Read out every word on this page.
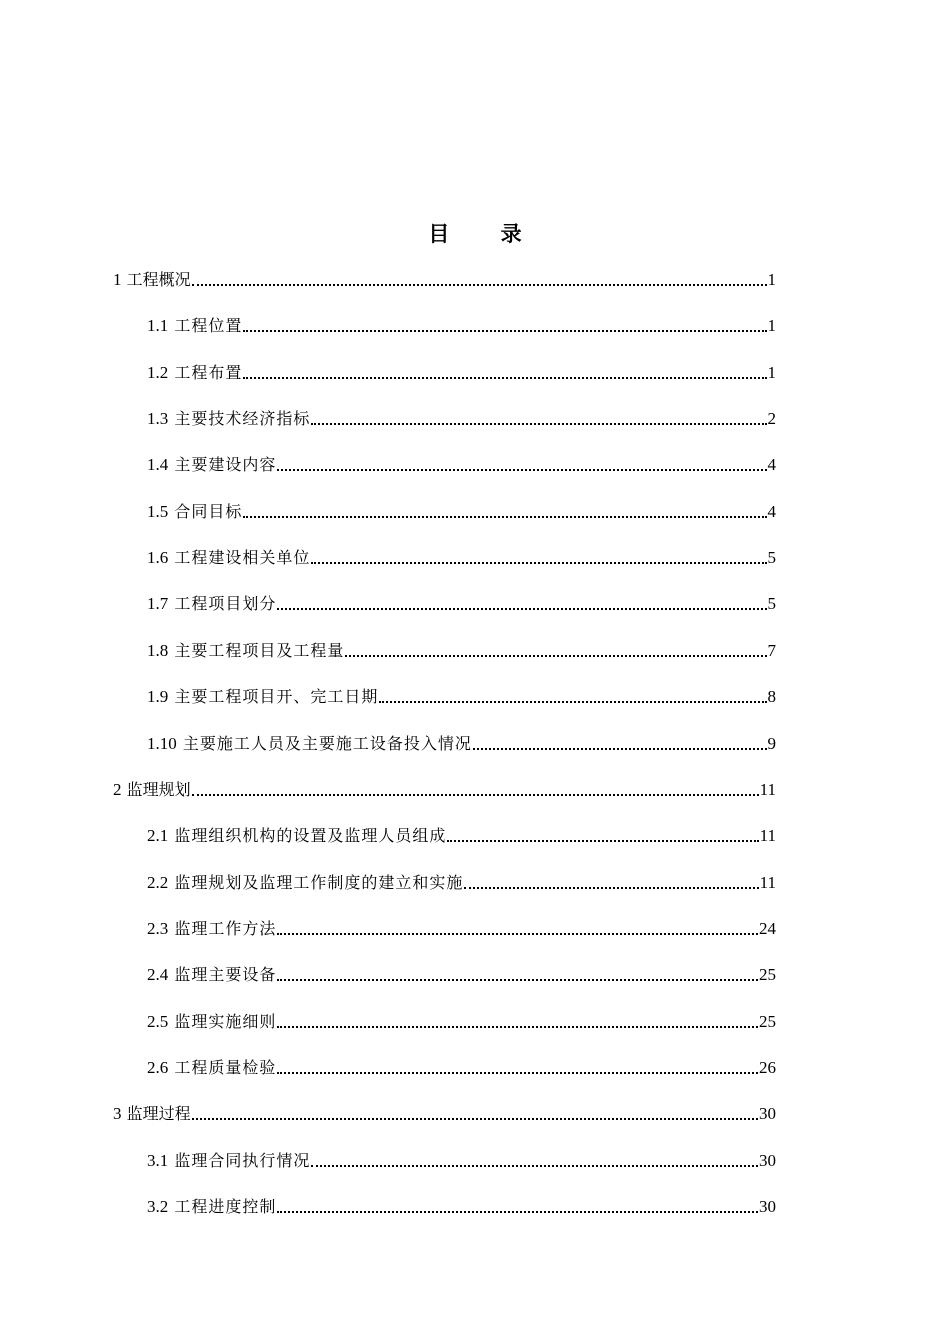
目 录
1 工程概况	1
1.1 工程位置	1
1.2 工程布置	1
1.3 主要技术经济指标	2
1.4 主要建设内容	4
1.5 合同目标	4
1.6 工程建设相关单位	5
1.7 工程项目划分	5
1.8 主要工程项目及工程量	7
1.9 主要工程项目开、完工日期	8
1.10 主要施工人员及主要施工设备投入情况	9
2 监理规划	11
2.1 监理组织机构的设置及监理人员组成	11
2.2 监理规划及监理工作制度的建立和实施	11
2.3 监理工作方法	24
2.4 监理主要设备	25
2.5 监理实施细则	25
2.6 工程质量检验	26
3 监理过程	30
3.1 监理合同执行情况	30
3.2 工程进度控制	30
